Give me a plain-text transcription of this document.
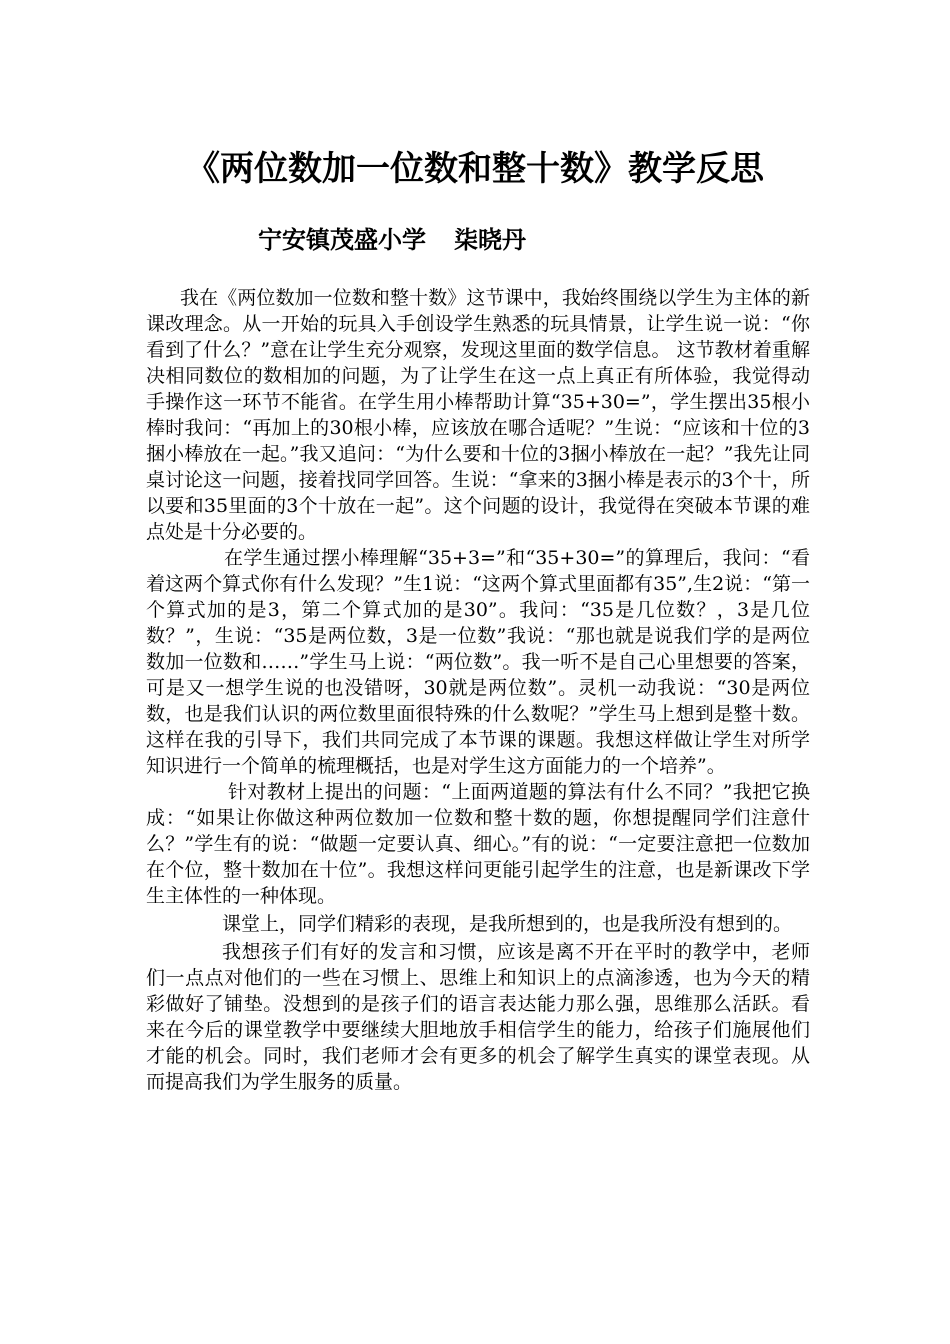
《两位数加一位数和整十数》教学反思
宁安镇茂盛小学 柒晓丹

我在《两位数加一位数和整十数》这节课中，我始终围绕以学生为主体的新课改理念。从一开始的玩具入手创设学生熟悉的玩具情景，让学生说一说：“你看到了什么？”意在让学生充分观察，发现这里面的数学信息。 这节教材着重解决相同数位的数相加的问题，为了让学生在这一点上真正有所体验，我觉得动手操作这一环节不能省。在学生用小棒帮助计算“35+30=”，学生摆出35根小棒时我问：“再加上的30根小棒，应该放在哪合适呢？”生说：“应该和十位的3捆小棒放在一起。”我又追问：“为什么要和十位的3捆小棒放在一起？”我先让同桌讨论这一问题，接着找同学回答。生说：“拿来的3捆小棒是表示的3个十，所以要和35里面的3个十放在一起”。这个问题的设计，我觉得在突破本节课的难点处是十分必要的。

在学生通过摆小棒理解“35+3=”和“35+30=”的算理后，我问：“看着这两个算式你有什么发现？”生1说：“这两个算式里面都有35”,生2说：“第一个算式加的是3，第二个算式加的是30”。我问：“35是几位数？，3是几位数？”，生说：“35是两位数，3是一位数”我说：“那也就是说我们学的是两位数加一位数和……”学生马上说：“两位数”。我一听不是自己心里想要的答案，可是又一想学生说的也没错呀，30就是两位数”。灵机一动我说：“30是两位数，也是我们认识的两位数里面很特殊的什么数呢？”学生马上想到是整十数。这样在我的引导下，我们共同完成了本节课的课题。我想这样做让学生对所学知识进行一个简单的梳理概括，也是对学生这方面能力的一个培养”。

针对教材上提出的问题：“上面两道题的算法有什么不同？”我把它换成：“如果让你做这种两位数加一位数和整十数的题，你想提醒同学们注意什么？”学生有的说：“做题一定要认真、细心。”有的说：“一定要注意把一位数加在个位，整十数加在十位”。我想这样问更能引起学生的注意，也是新课改下学生主体性的一种体现。

课堂上，同学们精彩的表现，是我所想到的，也是我所没有想到的。

我想孩子们有好的发言和习惯，应该是离不开在平时的教学中，老师们一点点对他们的一些在习惯上、思维上和知识上的点滴渗透，也为今天的精彩做好了铺垫。没想到的是孩子们的语言表达能力那么强，思维那么活跃。看来在今后的课堂教学中要继续大胆地放手相信学生的能力，给孩子们施展他们才能的机会。同时，我们老师才会有更多的机会了解学生真实的课堂表现。从而提高我们为学生服务的质量。
